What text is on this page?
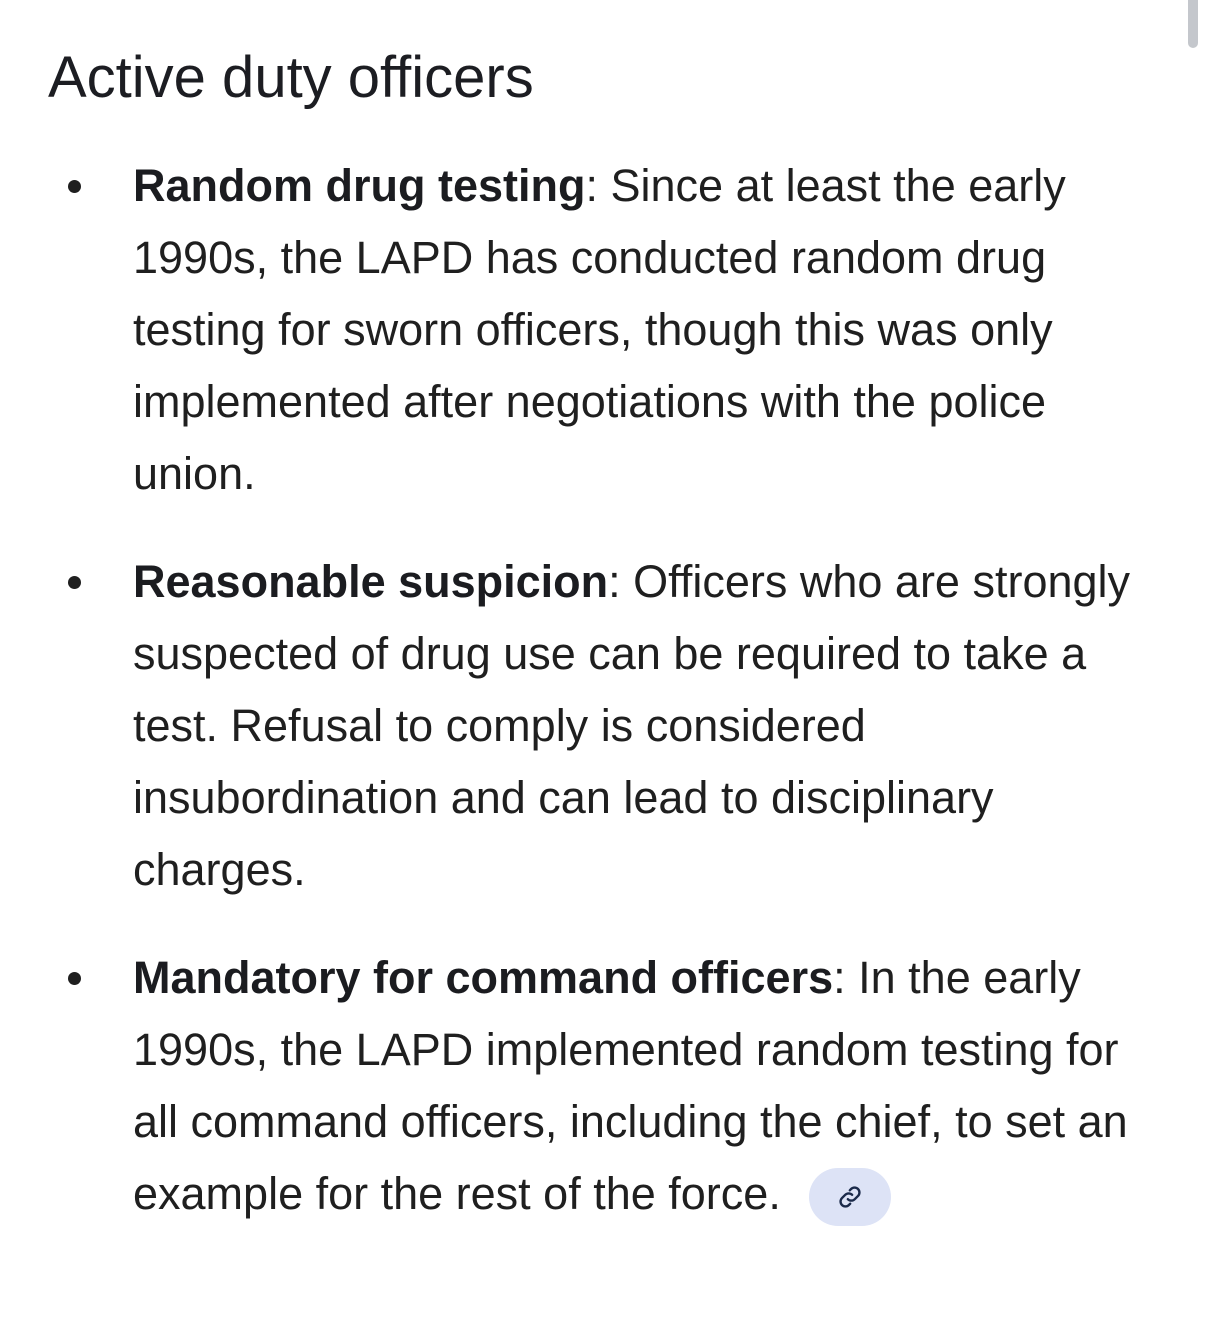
Active duty officers
Random drug testing: Since at least the early 1990s, the LAPD has conducted random drug testing for sworn officers, though this was only implemented after negotiations with the police union.
Reasonable suspicion: Officers who are strongly suspected of drug use can be required to take a test. Refusal to comply is considered insubordination and can lead to disciplinary charges.
Mandatory for command officers: In the early 1990s, the LAPD implemented random testing for all command officers, including the chief, to set an example for the rest of the force.
